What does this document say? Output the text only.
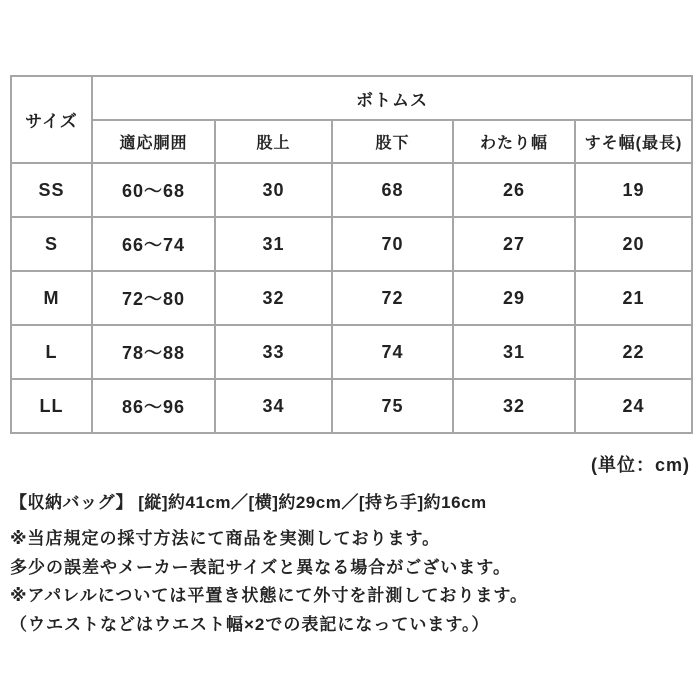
サイズ	ボトムス				
	適応胴囲	股上	股下	わたり幅	すそ幅(最長)
SS	60〜68	30	68	26	19
S	66〜74	31	70	27	20
M	72〜80	32	72	29	21
L	78〜88	33	74	31	22
LL	86〜96	34	75	32	24
(単位：cm)
【収納バッグ】 [縦]約41cm／[横]約29cm／[持ち手]約16cm
※当店規定の採寸方法にて商品を実測しております。
多少の誤差やメーカー表記サイズと異なる場合がございます。
※アパレルについては平置き状態にて外寸を計測しております。
（ウエストなどはウエスト幅×2での表記になっています。）
